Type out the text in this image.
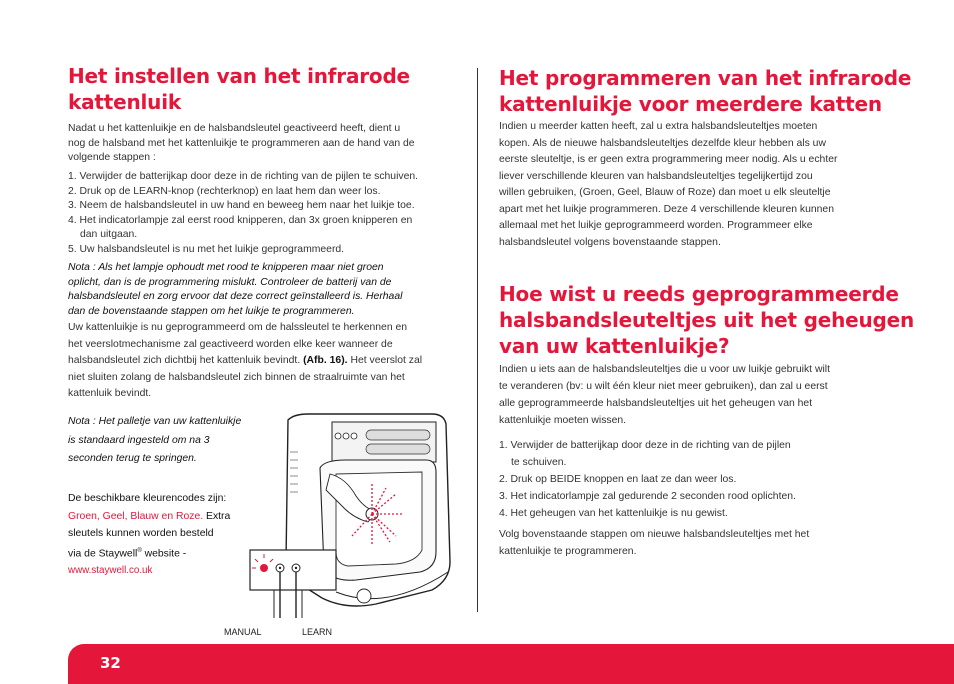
Het instellen van het infrarode
kattenluik
Nadat u het kattenluikje en de halsbandsleutel geactiveerd heeft, dient u
nog de halsband met het kattenluikje te programmeren aan de hand van de
volgende stappen :
1. Verwijder de batterijkap door deze in de richting van de pijlen te schuiven.
2. Druk op de LEARN-knop (rechterknop) en laat hem dan weer los.
3. Neem de halsbandsleutel in uw hand en beweeg hem naar het luikje toe.
4. Het indicatorlampje zal eerst rood knipperen, dan 3x groen knipperen en
dan uitgaan.
5. Uw halsbandsleutel is nu met het luikje geprogrammeerd.
Nota : Als het lampje ophoudt met rood te knipperen maar niet groen
oplicht, dan is de programmering mislukt. Controleer de batterij van de
halsbandsleutel en zorg ervoor dat deze correct geïnstalleerd is. Herhaal
dan de bovenstaande stappen om het luikje te programmeren.
Uw kattenluikje is nu geprogrammeerd om de halssleutel te herkennen en
het veerslotmechanisme zal geactiveerd worden elke keer wanneer de
halsbandsleutel zich dichtbij het kattenluik bevindt. (Afb. 16). Het veerslot zal
niet sluiten zolang de halsbandsleutel zich binnen de straalruimte van het
kattenluik bevindt.
Nota : Het palletje van uw kattenluikje
is standaard ingesteld om na 3
seconden terug te springen.
De beschikbare kleurencodes zijn:
Groen, Geel, Blauw en Roze. Extra
sleutels kunnen worden besteld
via de Staywell® website -
www.staywell.co.uk
MANUAL	LEARN
Het programmeren van het infrarode
kattenluikje voor meerdere katten
Indien u meerder katten heeft, zal u extra halsbandsleuteltjes moeten
kopen. Als de nieuwe halsbandsleuteltjes dezelfde kleur hebben als uw
eerste sleuteltje, is er geen extra programmering meer nodig. Als u echter
liever verschillende kleuren van halsbandsleuteltjes tegelijkertijd zou
willen gebruiken, (Groen, Geel, Blauw of Roze) dan moet u elk sleuteltje
apart met het luikje programmeren. Deze 4 verschillende kleuren kunnen
allemaal met het luikje geprogrammeerd worden. Programmeer elke
halsbandsleutel volgens bovenstaande stappen.
Hoe wist u reeds geprogrammeerde
halsbandsleuteltjes uit het geheugen
van uw kattenluikje?
Indien u iets aan de halsbandsleuteltjes die u voor uw luikje gebruikt wilt
te veranderen (bv: u wilt één kleur niet meer gebruiken), dan zal u eerst
alle geprogrammeerde halsbandsleuteltjes uit het geheugen van het
kattenluikje moeten wissen.
1. Verwijder de batterijkap door deze in de richting van de pijlen
te schuiven.
2. Druk op BEIDE knoppen en laat ze dan weer los.
3. Het indicatorlampje zal gedurende 2 seconden rood oplichten.
4. Het geheugen van het kattenluikje is nu gewist.
Volg bovenstaande stappen om nieuwe halsbandsleuteltjes met het
kattenluikje te programmeren.
32
